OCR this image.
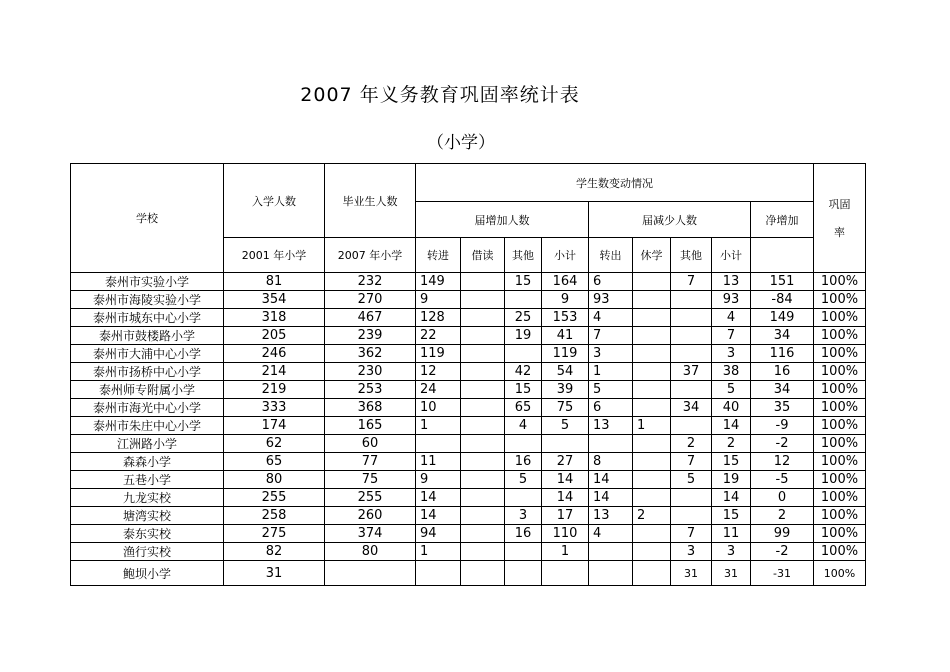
2007 年义务教育巩固率统计表
（小学）
学校	入学人数	毕业生人数	学生数变动情况									巩固
率

			届增加人数				届减少人数				净增加	
	2001 年小学	2007 年小学	转进	借读	其他	小计	转出	休学	其他	小计		
泰州市实验小学	81	232	149		15	164	6		7	13	151	100%
泰州市海陵实验小学	354	270	9			9	93			93	-84	100%
泰州市城东中心小学	318	467	128		25	153	4			4	149	100%
泰州市鼓楼路小学	205	239	22		19	41	7			7	34	100%
泰州市大浦中心小学	246	362	119			119	3			3	116	100%
泰州市扬桥中心小学	214	230	12		42	54	1		37	38	16	100%
泰州师专附属小学	219	253	24		15	39	5			5	34	100%
泰州市海光中心小学	333	368	10		65	75	6		34	40	35	100%
泰州市朱庄中心小学	174	165	1		4	5	13	1		14	-9	100%
江洲路小学	62	60							2	2	-2	100%
森森小学	65	77	11		16	27	8		7	15	12	100%
五巷小学	80	75	9		5	14	14		5	19	-5	100%
九龙实校	255	255	14			14	14			14	0	100%
塘湾实校	258	260	14		3	17	13	2		15	2	100%
泰东实校	275	374	94		16	110	4		7	11	99	100%
渔行实校	82	80	1			1			3	3	-2	100%
鲍坝小学	31								31	31	-31	100%
